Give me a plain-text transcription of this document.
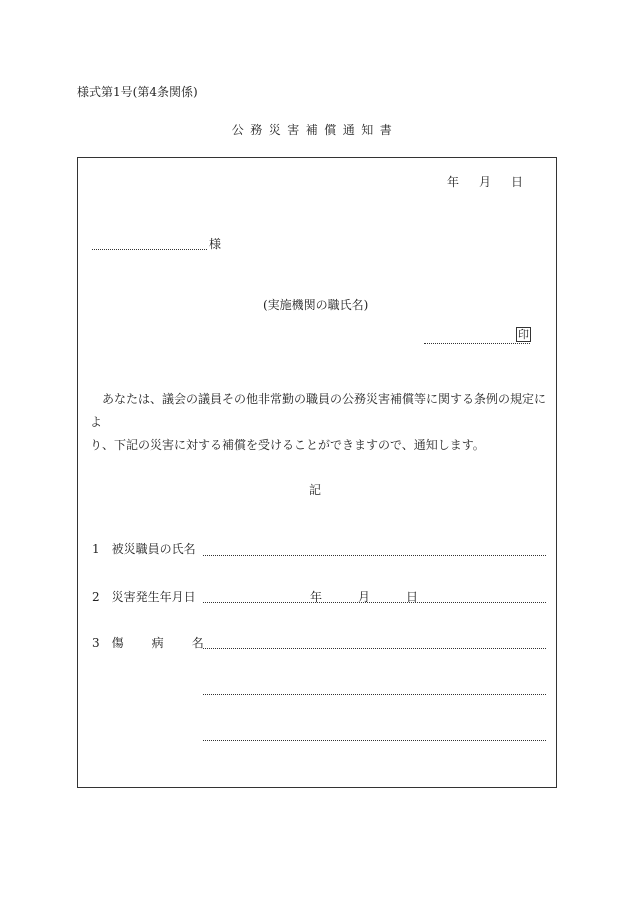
様式第1号(第4条関係)
公務災害補償通知書
年 月 日
様
(実施機関の職氏名)
印

　あなたは、議会の議員その他非常勤の職員の公務災害補償等に関する条例の規定によ

り、下記の災害に対する補償を受けることができますので、通知します。

記
1　 被災職員の氏名
2　 災害発生年月日	年	月	日
3　 傷 病 名
